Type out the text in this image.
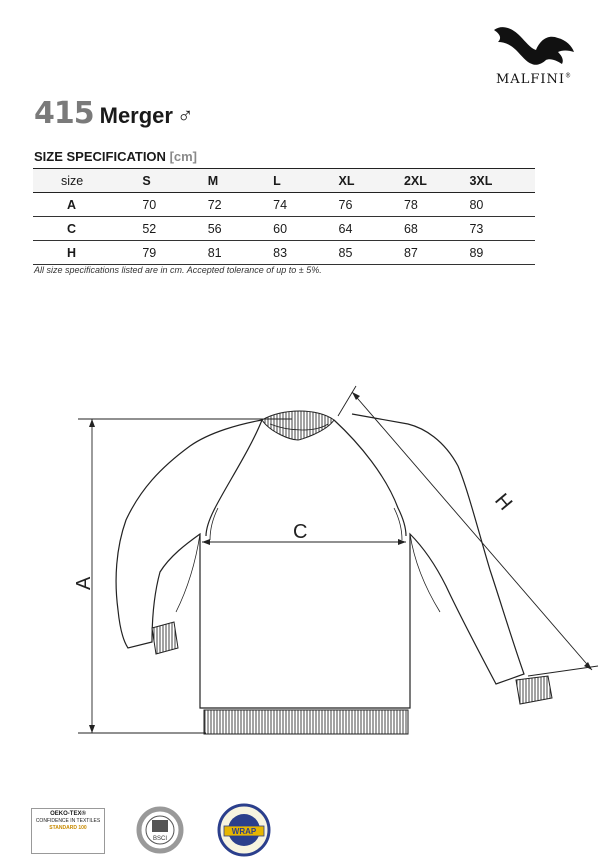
MALFINI®
415 Merger ♂
SIZE SPECIFICATION [cm]
size	S	M	L	XL	2XL	3XL
A	70	72	74	76	78	80
C	52	56	60	64	68	73
H	79	81	83	85	87	89
All size specifications listed are in cm. Accepted tolerance of up to ± 5%.
A
C
H
OEKO-TEX®
CONFIDENCE IN TEXTILES
STANDARD 100
BSCI
WRAP
